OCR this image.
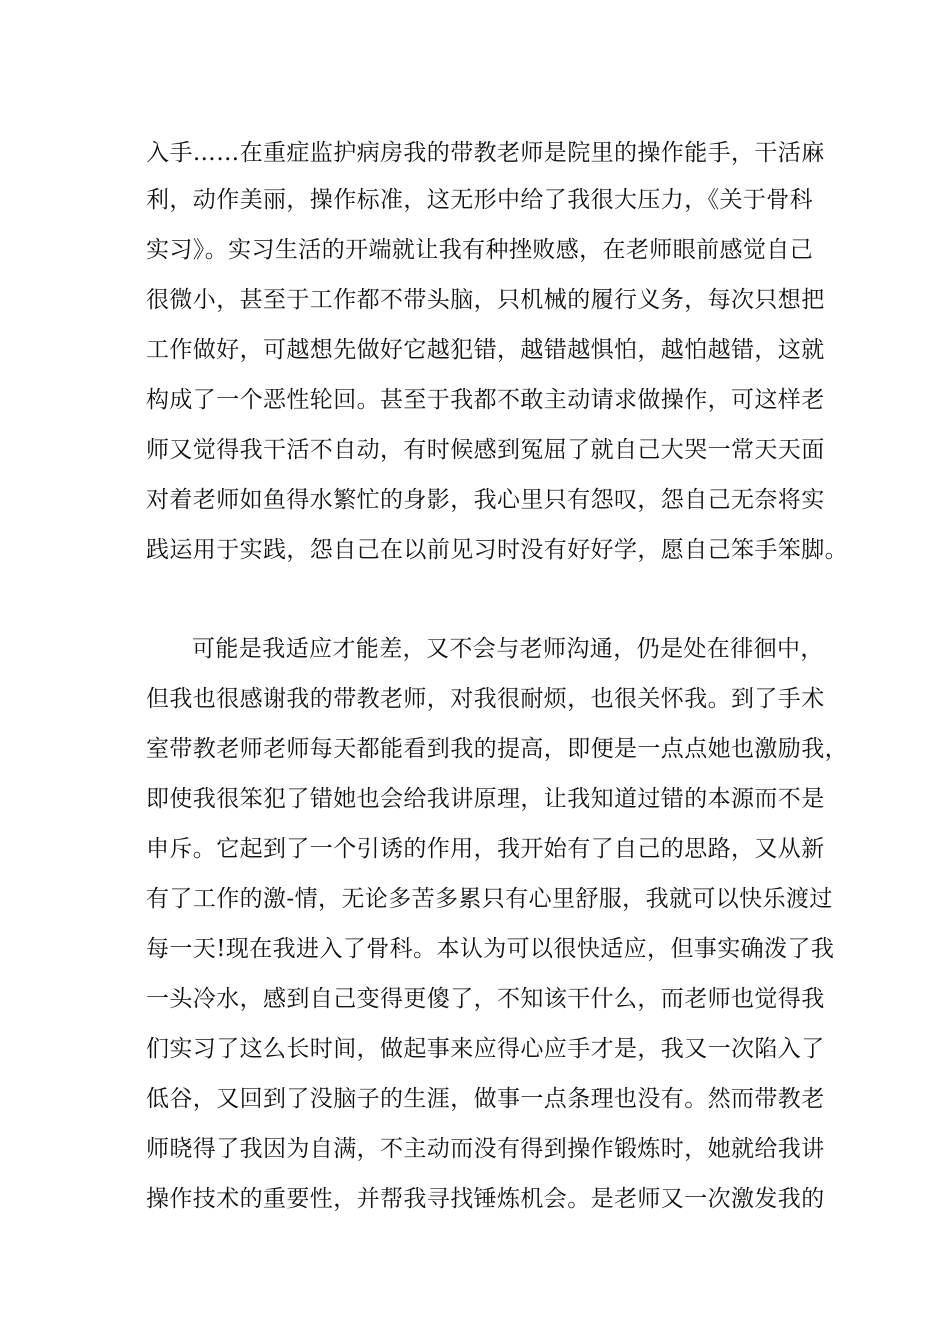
入手……在重症监护病房我的带教老师是院里的操作能手，干活麻
利，动作美丽，操作标准，这无形中给了我很大压力，《关于骨科
实习》。实习生活的开端就让我有种挫败感，在老师眼前感觉自己
很微小，甚至于工作都不带头脑，只机械的履行义务，每次只想把
工作做好，可越想先做好它越犯错，越错越惧怕，越怕越错，这就
构成了一个恶性轮回。甚至于我都不敢主动请求做操作，可这样老
师又觉得我干活不自动，有时候感到冤屈了就自己大哭一常天天面
对着老师如鱼得水繁忙的身影，我心里只有怨叹，怨自己无奈将实
践运用于实践，怨自己在以前见习时没有好好学，愿自己笨手笨脚。
可能是我适应才能差，又不会与老师沟通，仍是处在徘徊中，
但我也很感谢我的带教老师，对我很耐烦，也很关怀我。到了手术
室带教老师老师每天都能看到我的提高，即便是一点点她也激励我，
即使我很笨犯了错她也会给我讲原理，让我知道过错的本源而不是
申斥。它起到了一个引诱的作用，我开始有了自己的思路，又从新
有了工作的激-情，无论多苦多累只有心里舒服，我就可以快乐渡过
每一天!现在我进入了骨科。本认为可以很快适应，但事实确泼了我
一头冷水，感到自己变得更傻了，不知该干什么，而老师也觉得我
们实习了这么长时间，做起事来应得心应手才是，我又一次陷入了
低谷，又回到了没脑子的生涯，做事一点条理也没有。然而带教老
师晓得了我因为自满，不主动而没有得到操作锻炼时，她就给我讲
操作技术的重要性，并帮我寻找锤炼机会。是老师又一次激发我的
